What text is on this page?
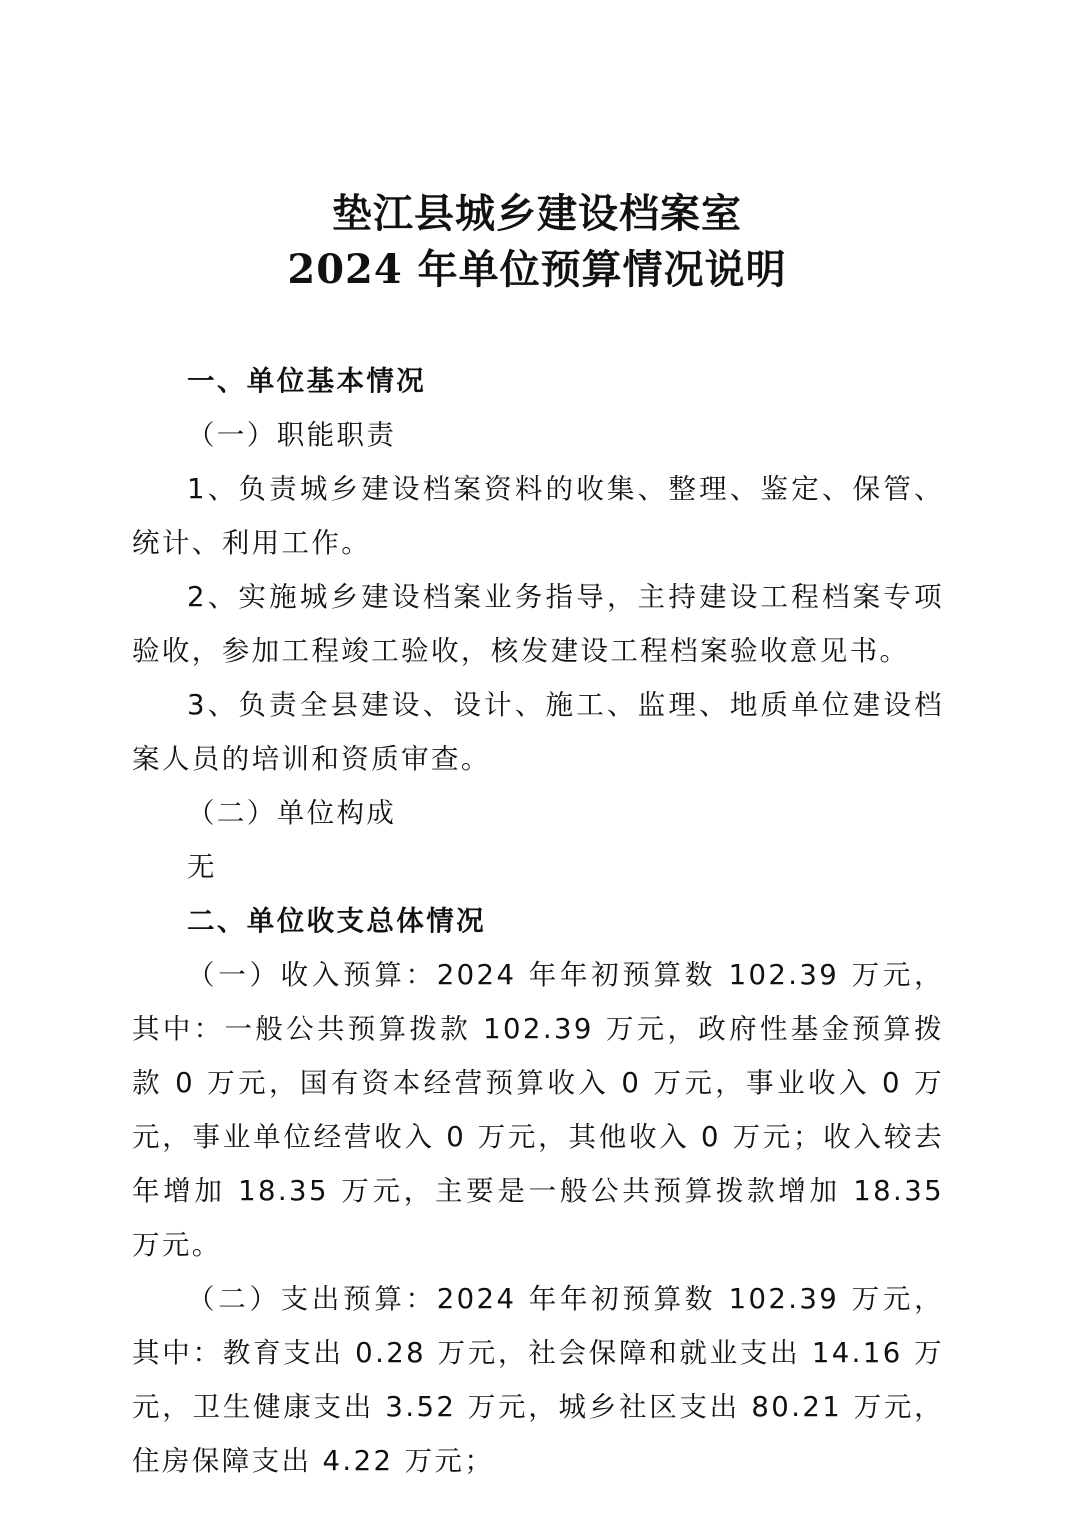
垫江县城乡建设档案室
2024 年单位预算情况说明

一、单位基本情况

（一）职能职责

1、负责城乡建设档案资料的收集、整理、鉴定、保管、统计、利用工作。

2、实施城乡建设档案业务指导，主持建设工程档案专项验收，参加工程竣工验收，核发建设工程档案验收意见书。

3、负责全县建设、设计、施工、监理、地质单位建设档案人员的培训和资质审查。

（二）单位构成

无

二、单位收支总体情况

（一）收入预算：2024 年年初预算数 102.39 万元，其中：一般公共预算拨款 102.39 万元，政府性基金预算拨款 0 万元，国有资本经营预算收入 0 万元，事业收入 0 万元，事业单位经营收入 0 万元，其他收入 0 万元；收入较去年增加 18.35 万元，主要是一般公共预算拨款增加 18.35 万元。

（二）支出预算：2024 年年初预算数 102.39 万元，其中：教育支出 0.28 万元，社会保障和就业支出 14.16 万元，卫生健康支出 3.52 万元，城乡社区支出 80.21 万元，住房保障支出 4.22 万元；
